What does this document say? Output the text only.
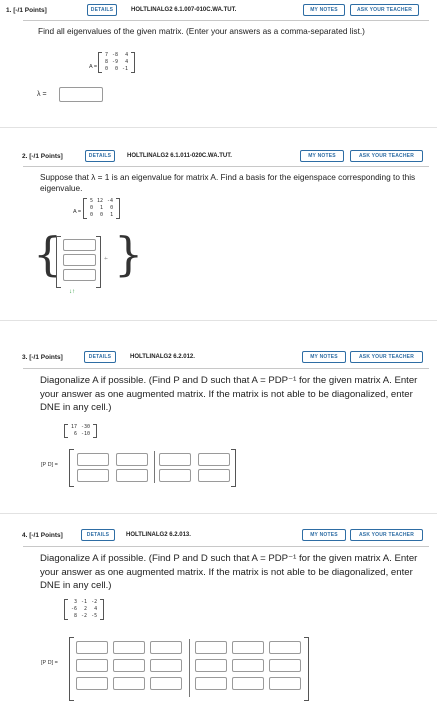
1. [-/1 Points]	DETAILS	HOLTLINALG2 6.1.007-010C.WA.TUT.	MY NOTES	ASK YOUR TEACHER
Find all eigenvalues of the given matrix. (Enter your answers as a comma-separated list.)
A =
7	-8	4
8	-9	4
0	0	-1
λ =
2. [-/1 Points]	DETAILS	HOLTLINALG2 6.1.011-020C.WA.TUT.	MY NOTES	ASK YOUR TEACHER
Suppose that λ = 1 is an eigenvalue for matrix A. Find a basis for the eigenspace corresponding to this eigenvalue.
A =
5	12	-4
0	1	0
0	0	1
{	+ - }
↓↑
3. [-/1 Points]	DETAILS	HOLTLINALG2 6.2.012.	MY NOTES	ASK YOUR TEACHER
Diagonalize A if possible. (Find P and D such that A = PDP⁻¹ for the given matrix A. Enter your answer as one augmented matrix. If the matrix is not able to be diagonalized, enter DNE in any cell.)
17	-30
6	-10
[P D] =
4. [-/1 Points]	DETAILS	HOLTLINALG2 6.2.013.	MY NOTES	ASK YOUR TEACHER
Diagonalize A if possible. (Find P and D such that A = PDP⁻¹ for the given matrix A. Enter your answer as one augmented matrix. If the matrix is not able to be diagonalized, enter DNE in any cell.)
3	-1	-2
-6	2	4
8	-2	-5
[P D] =
